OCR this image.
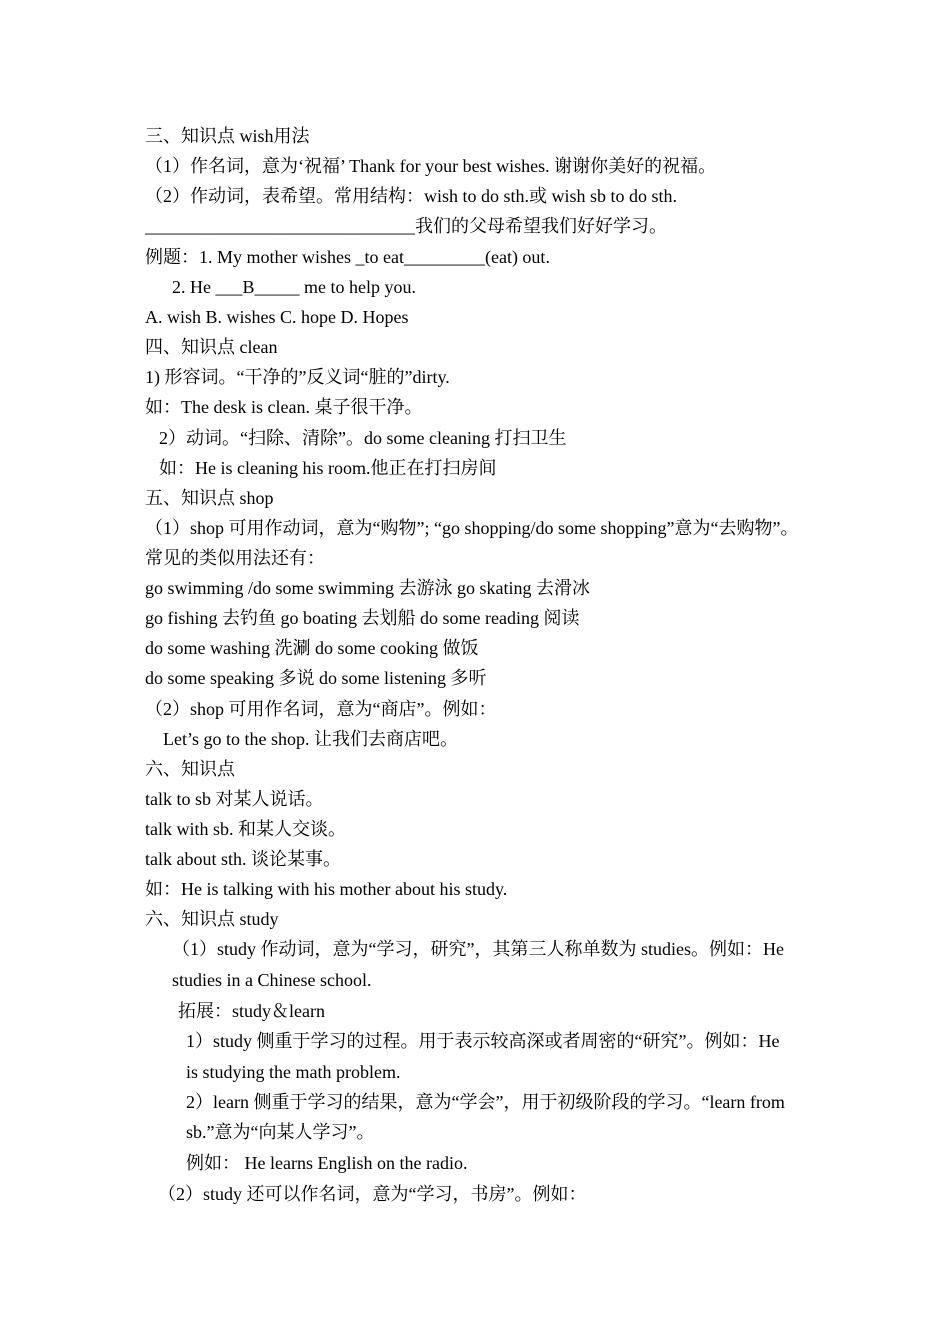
三、知识点 wish用法
（1）作名词，意为‘祝福’ Thank for your best wishes. 谢谢你美好的祝福。
（2）作动词，表希望。常用结构：wish to do sth.或 wish sb to do sth.
______________________________我们的父母希望我们好好学习。
例题：1. My mother wishes _to eat_________(eat) out.
2. He ___B_____ me to help you.
A. wish B. wishes C. hope D. Hopes
四、知识点 clean
1) 形容词。“干净的”反义词“脏的”dirty.
如：The desk is clean. 桌子很干净。
2）动词。“扫除、清除”。do some cleaning 打扫卫生
如：He is cleaning his room.他正在打扫房间
五、知识点 shop
（1）shop 可用作动词，意为“购物”; “go shopping/do some shopping”意为“去购物”。
常见的类似用法还有：
go swimming /do some swimming 去游泳 go skating 去滑冰
go fishing 去钓鱼 go boating 去划船 do some reading 阅读
do some washing 洗涮 do some cooking 做饭
do some speaking 多说 do some listening 多听
（2）shop 可用作名词，意为“商店”。例如：
Let’s go to the shop. 让我们去商店吧。
六、知识点
talk to sb 对某人说话。
talk with sb. 和某人交谈。
talk about sth. 谈论某事。
如：He is talking with his mother about his study.
六、知识点 study
（1）study 作动词，意为“学习，研究”，其第三人称单数为 studies。例如：He
studies in a Chinese school.
拓展：study＆learn
1）study 侧重于学习的过程。用于表示较高深或者周密的“研究”。例如：He
is studying the math problem.
2）learn 侧重于学习的结果，意为“学会”，用于初级阶段的学习。“learn from
sb.”意为“向某人学习”。
例如： He learns English on the radio.
（2）study 还可以作名词，意为“学习，书房”。例如：
